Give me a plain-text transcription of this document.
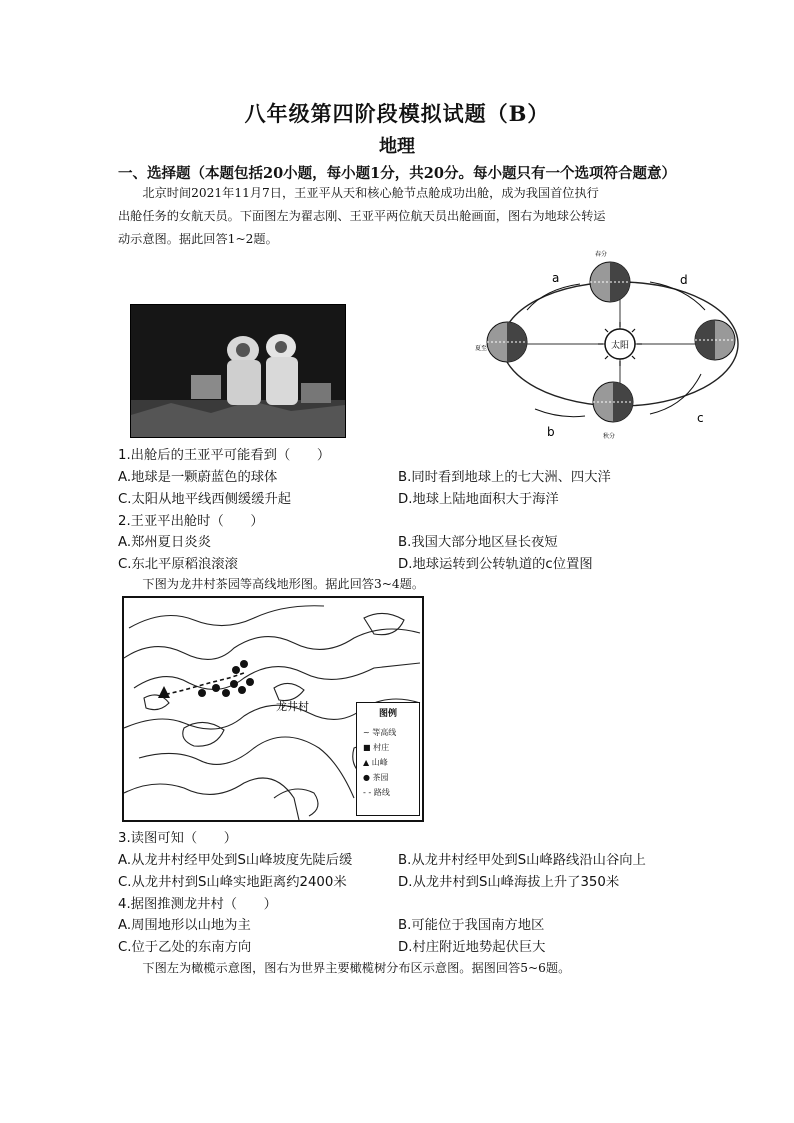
八年级第四阶段模拟试题（B）
地理
一、选择题（本题包括20小题，每小题1分，共20分。每小题只有一个选项符合题意）

北京时间2021年11月7日，王亚平从天和核心舱节点舱成功出舱，成为我国首位执行

出舱任务的女航天员。下面图左为翟志刚、王亚平两位航天员出舱画面，图右为地球公转运

动示意图。据此回答1~2题。

太阳
a
b
c
d
夏至
秋分
春分
1.出舱后的王亚平可能看到（　　）
A.地球是一颗蔚蓝色的球体	B.同时看到地球上的七大洲、四大洋
C.太阳从地平线西侧缓缓升起	D.地球上陆地面积大于海洋
2.王亚平出舱时（　　）
A.郑州夏日炎炎	B.我国大部分地区昼长夜短
C.东北平原稻浪滚滚	D.地球运转到公转轨道的c位置图

下图为龙井村茶园等高线地形图。据此回答3~4题。

龙井村
图例
~ 等高线
■ 村庄
▲ 山峰
● 茶园
- - 路线
3.读图可知（　　）
A.从龙井村经甲处到S山峰坡度先陡后缓	B.从龙井村经甲处到S山峰路线沿山谷向上
C.从龙井村到S山峰实地距离约2400米	D.从龙井村到S山峰海拔上升了350米
4.据图推测龙井村（　　）
A.周围地形以山地为主	B.可能位于我国南方地区
C.位于乙处的东南方向	D.村庄附近地势起伏巨大

下图左为橄榄示意图，图右为世界主要橄榄树分布区示意图。据图回答5~6题。
